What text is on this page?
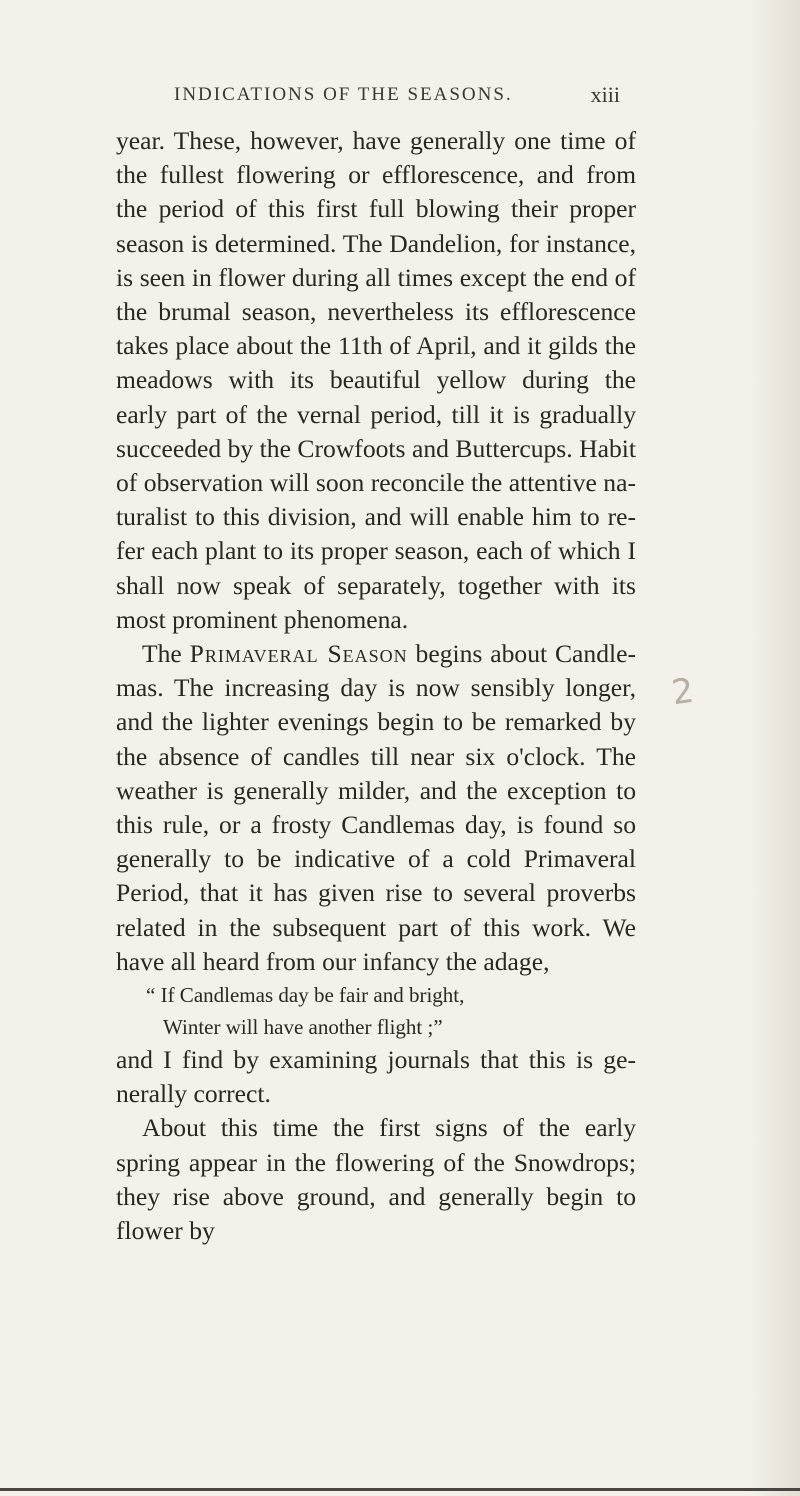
INDICATIONS OF THE SEASONS.	xiii

year. These, however, have generally one time of the fullest flowering or efflorescence, and from the period of this first full blowing their proper season is determined. The Dandelion, for instance, is seen in flower during all times except the end of the brumal season, nevertheless its efflorescence takes place about the 11th of April, and it gilds the meadows with its beautiful yellow during the early part of the vernal period, till it is gradually succeeded by the Crowfoots and Buttercups. Habit of observation will soon reconcile the attentive naturalist to this division, and will enable him to refer each plant to its proper season, each of which I shall now speak of separately, together with its most prominent phenomena.

The Primaveral Season begins about Candlemas. The increasing day is now sensibly longer, and the lighter evenings begin to be remarked by the absence of candles till near six o'clock. The weather is generally milder, and the exception to this rule, or a frosty Candlemas day, is found so generally to be indicative of a cold Primaveral Period, that it has given rise to several proverbs related in the subsequent part of this work. We have all heard from our infancy the adage,

“ If Candlemas day be fair and bright,
Winter will have another flight ;”

and I find by examining journals that this is generally correct.

About this time the first signs of the early spring appear in the flowering of the Snowdrops; they rise above ground, and generally begin to flower by

2
